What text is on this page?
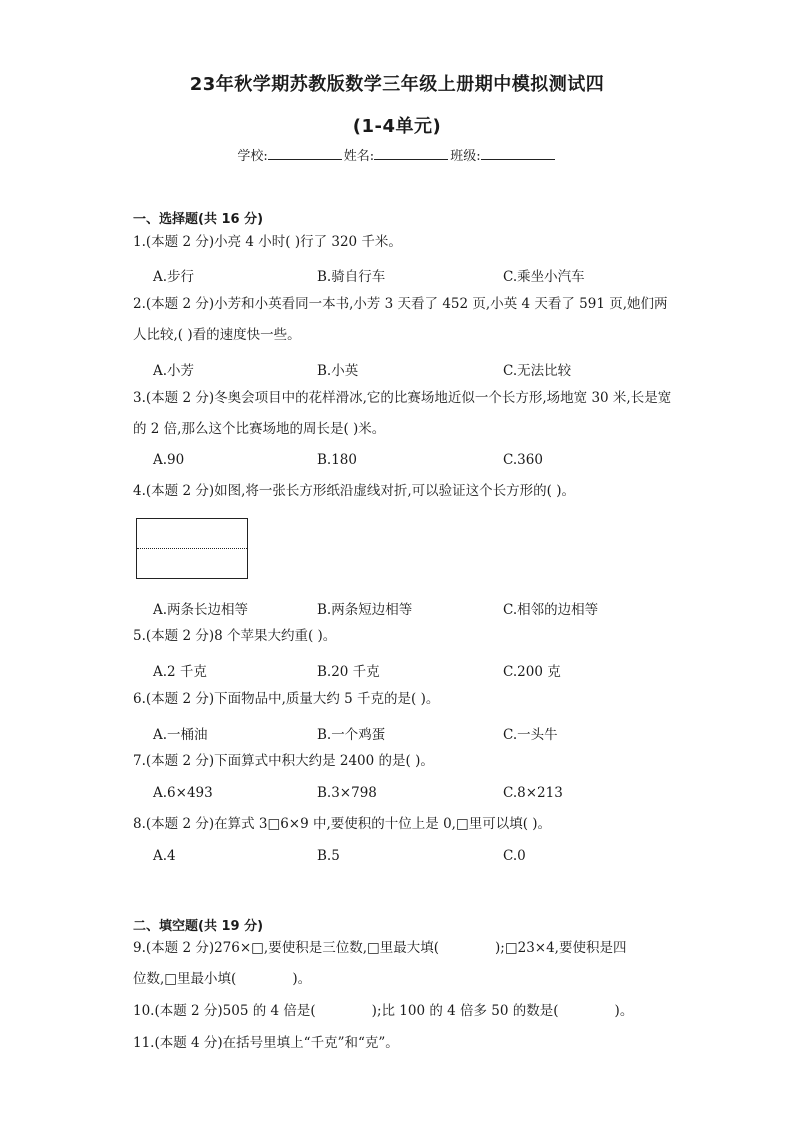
23年秋学期苏教版数学三年级上册期中模拟测试四
(1-4单元)
学校:	姓名:	班级:
一、选择题(共 16 分)
1.(本题 2 分)小亮 4 小时( )行了 320 千米。
A.步行	B.骑自行车	C.乘坐小汽车
2.(本题 2 分)小芳和小英看同一本书,小芳 3 天看了 452 页,小英 4 天看了 591 页,她们两人比较,( )看的速度快一些。
A.小芳	B.小英	C.无法比较
3.(本题 2 分)冬奥会项目中的花样滑冰,它的比赛场地近似一个长方形,场地宽 30 米,长是宽的 2 倍,那么这个比赛场地的周长是( )米。
A.90	B.180	C.360
4.(本题 2 分)如图,将一张长方形纸沿虚线对折,可以验证这个长方形的( )。
A.两条长边相等	B.两条短边相等	C.相邻的边相等
5.(本题 2 分)8 个苹果大约重( )。
A.2 千克	B.20 千克	C.200 克
6.(本题 2 分)下面物品中,质量大约 5 千克的是( )。
A.一桶油	B.一个鸡蛋	C.一头牛
7.(本题 2 分)下面算式中积大约是 2400 的是( )。
A.6×493	B.3×798	C.8×213
8.(本题 2 分)在算式 3□6×9 中,要使积的十位上是 0,□里可以填( )。
A.4	B.5	C.0
二、填空题(共 19 分)
9.(本题 2 分)276×□,要使积是三位数,□里最大填(	);□23×4,要使积是四
位数,□里最小填(	)。
10.(本题 2 分)505 的 4 倍是(	);比 100 的 4 倍多 50 的数是(	)。
11.(本题 4 分)在括号里填上“千克”和“克”。
